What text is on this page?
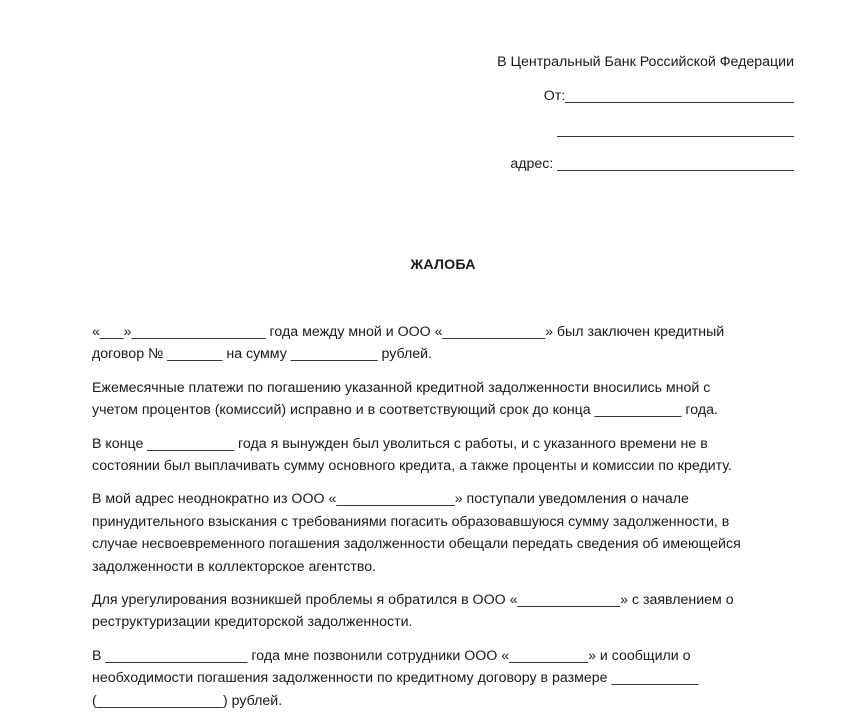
В Центральный Банк Российской Федерации
От:_____________________________
______________________________
адрес: ______________________________
ЖАЛОБА

«___»_________________ года между мной и ООО «_____________» был заключен кредитный
договор № _______ на сумму ___________ рублей.

Ежемесячные платежи по погашению указанной кредитной задолженности вносились мной с
учетом процентов (комиссий) исправно и в соответствующий срок до конца ___________ года.

В конце ___________ года я вынужден был уволиться с работы, и с указанного времени не в
состоянии был выплачивать сумму основного кредита, а также проценты и комиссии по кредиту.

В мой адрес неоднократно из ООО «_______________» поступали уведомления о начале
принудительного взыскания с требованиями погасить образовавшуюся сумму задолженности, в
случае несвоевременного погашения задолженности обещали передать сведения об имеющейся
задолженности в коллекторское агентство.

Для урегулирования возникшей проблемы я обратился в ООО «_____________» с заявлением о
реструктуризации кредиторской задолженности.

В __________________ года мне позвонили сотрудники ООО «__________» и сообщили о
необходимости погашения задолженности по кредитному договору в размере ___________
(________________) рублей.
